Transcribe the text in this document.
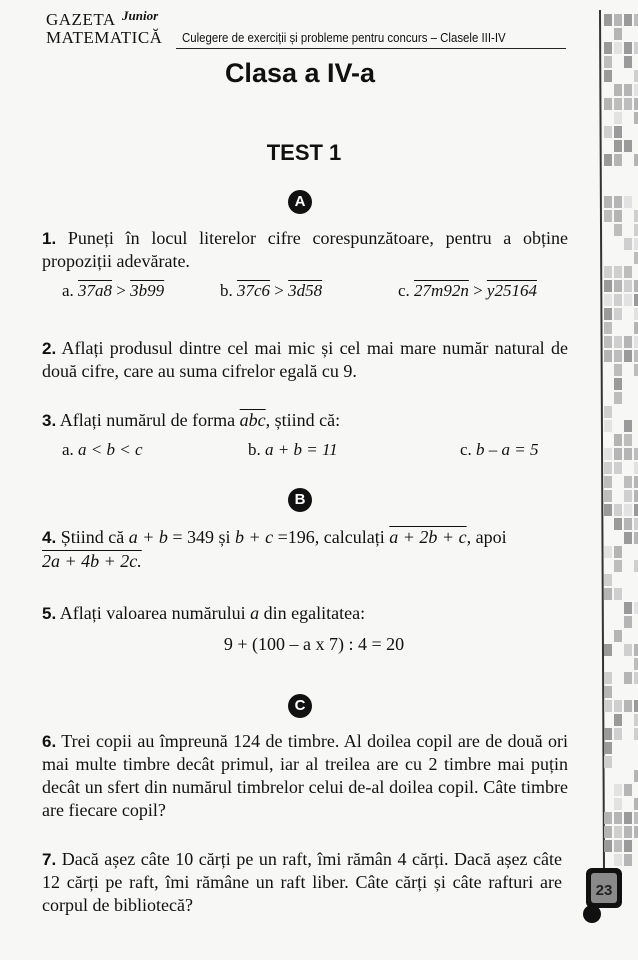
GAZETA Junior
MATEMATICĂ Culegere de exerciții și probleme pentru concurs – Clasele III-IV
Clasa a IV-a
TEST 1
A
1. Puneți în locul literelor cifre corespunzătoare, pentru a obține propoziții adevărate.
a. 37a8 > 3b99	b. 37c6 > 3d58	c. 27m92n > y25164
2. Aflați produsul dintre cel mai mic și cel mai mare număr natural de două cifre, care au suma cifrelor egală cu 9.
3. Aflați numărul de forma $\overline{abc}$, știind că:
a. a < b < c	b. a + b = 11	c. b – a = 5
B
4. Știind că a + b = 349 și b + c =196, calculați a + 2b + c, apoi
2a + 4b + 2c.
5. Aflați valoarea numărului a din egalitatea:
9 + (100 – a x 7) : 4 = 20
C
6. Trei copii au împreună 124 de timbre. Al doilea copil are de două ori mai multe timbre decât primul, iar al treilea are cu 2 timbre mai puțin decât un sfert din numărul timbrelor celui de-al doilea copil. Câte timbre are fiecare copil?
7. Dacă așez câte 10 cărți pe un raft, îmi rămân 4 cărți. Dacă așez câte 12 cărți pe raft, îmi rămâne un raft liber. Câte cărți și câte rafturi are corpul de bibliotecă?
23
